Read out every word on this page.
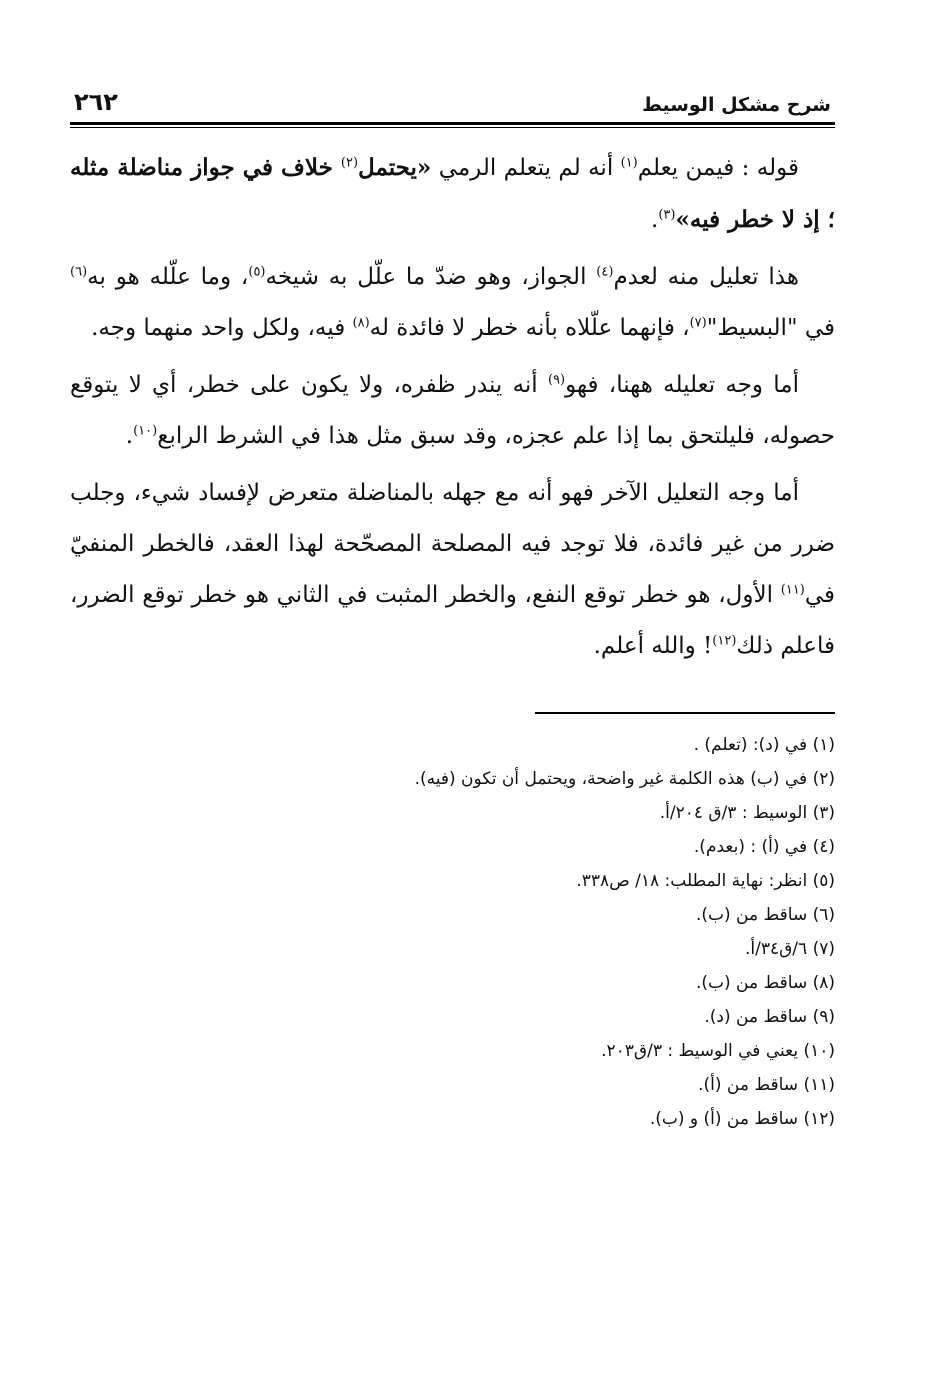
شرح مشكل الوسيط
٢٦٢

قوله : فيمن يعلم$^{(١)}$ أنه لم يتعلم الرمي «يحتمل$^{(٢)}$ خلاف في جواز مناضلة مثله ؛ إذ لا خطر فيه»$^{(٣)}$.

هذا تعليل منه لعدم$^{(٤)}$ الجواز، وهو ضدّ ما علّل به شيخه$^{(٥)}$، وما علّله هو به$^{(٦)}$ في "البسيط"$^{(٧)}$، فإنهما علّلاه بأنه خطر لا فائدة له$^{(٨)}$ فيه، ولكل واحد منهما وجه.

أما وجه تعليله ههنا، فهو$^{(٩)}$ أنه يندر ظفره، ولا يكون على خطر، أي لا يتوقع حصوله، فليلتحق بما إذا علم عجزه، وقد سبق مثل هذا في الشرط الرابع$^{(١٠)}$.

أما وجه التعليل الآخر فهو أنه مع جهله بالمناضلة متعرض لإفساد شيء، وجلب ضرر من غير فائدة، فلا توجد فيه المصلحة المصحّحة لهذا العقد، فالخطر المنفيّ في$^{(١١)}$ الأول، هو خطر توقع النفع، والخطر المثبت في الثاني هو خطر توقع الضرر، فاعلم ذلك$^{(١٢)}$! والله أعلم.

(١) في (د): (تعلم) .

(٢) في (ب) هذه الكلمة غير واضحة، ويحتمل أن تكون (فيه).

(٣) الوسيط : ٣/ق ٢٠٤/أ.

(٤) في (أ) : (بعدم).

(٥) انظر: نهاية المطلب: ١٨/ ص٣٣٨.

(٦) ساقط من (ب).

(٧) ٦/ق٣٤/أ.

(٨) ساقط من (ب).

(٩) ساقط من (د).

(١٠) يعني في الوسيط : ٣/ق٢٠٣.

(١١) ساقط من (أ).

(١٢) ساقط من (أ) و (ب).
